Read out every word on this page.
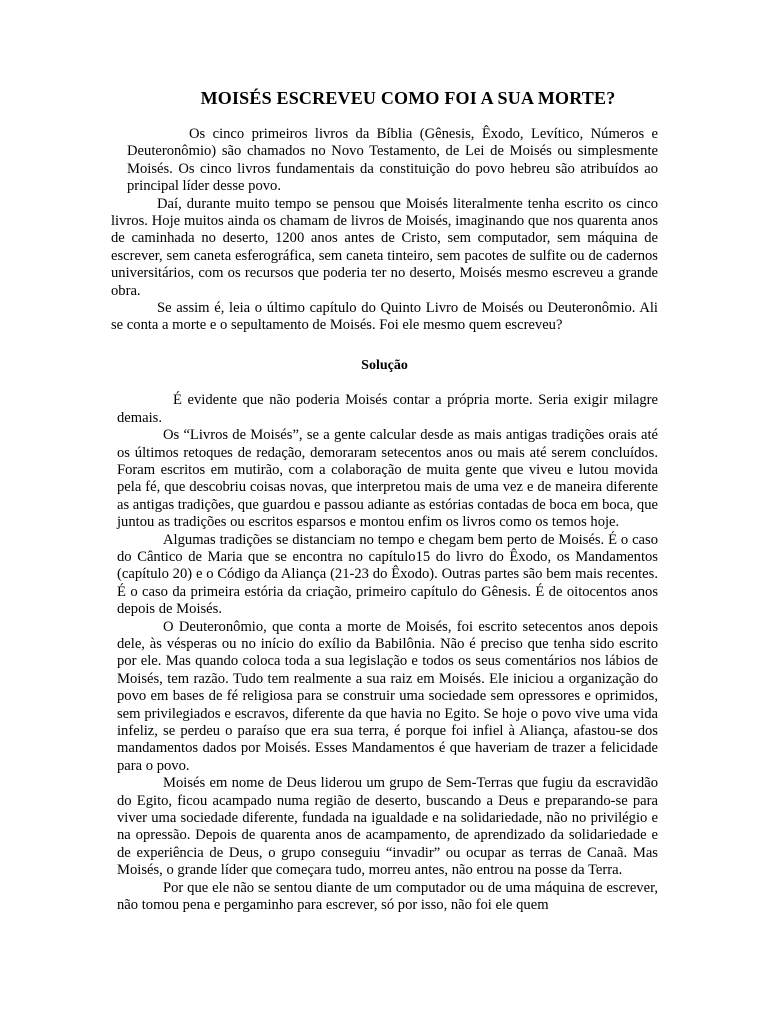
MOISÉS ESCREVEU COMO FOI A SUA MORTE?

Os cinco primeiros livros da Bíblia (Gênesis, Êxodo, Levítico, Números e Deuteronômio) são chamados no Novo Testamento, de Lei de Moisés ou simplesmente Moisés. Os cinco livros fundamentais da constituição do povo hebreu são atribuídos ao principal líder desse povo.

Daí, durante muito tempo se pensou que Moisés literalmente tenha escrito os cinco livros. Hoje muitos ainda os chamam de livros de Moisés, imaginando que nos quarenta anos de caminhada no deserto, 1200 anos antes de Cristo, sem computador, sem máquina de escrever, sem caneta esferográfica, sem caneta tinteiro, sem pacotes de sulfite ou de cadernos universitários, com os recursos que poderia ter no deserto, Moisés mesmo escreveu a grande obra.

Se assim é, leia o último capítulo do Quinto Livro de Moisés ou Deuteronômio. Ali se conta a morte e o sepultamento de Moisés. Foi ele mesmo quem escreveu?

Solução

É evidente que não poderia Moisés contar a própria morte. Seria exigir milagre demais.

Os “Livros de Moisés”, se a gente calcular desde as mais antigas tradições orais até os últimos retoques de redação, demoraram setecentos anos ou mais até serem concluídos. Foram escritos em mutirão, com a colaboração de muita gente que viveu e lutou movida pela fé, que descobriu coisas novas, que interpretou mais de uma vez e de maneira diferente as antigas tradições, que guardou e passou adiante as estórias contadas de boca em boca, que juntou as tradições ou escritos esparsos e montou enfim os livros como os temos hoje.

Algumas tradições se distanciam no tempo e chegam bem perto de Moisés. É o caso do Cântico de Maria que se encontra no capítulo15 do livro do Êxodo, os Mandamentos (capítulo 20) e o Código da Aliança (21-23 do Êxodo). Outras partes são bem mais recentes. É o caso da primeira estória da criação, primeiro capítulo do Gênesis. É de oitocentos anos depois de Moisés.

O Deuteronômio, que conta a morte de Moisés, foi escrito setecentos anos depois dele, às vésperas ou no início do exílio da Babilônia. Não é preciso que tenha sido escrito por ele. Mas quando coloca toda a sua legislação e todos os seus comentários nos lábios de Moisés, tem razão. Tudo tem realmente a sua raiz em Moisés. Ele iniciou a organização do povo em bases de fé religiosa para se construir uma sociedade sem opressores e oprimidos, sem privilegiados e escravos, diferente da que havia no Egito. Se hoje o povo vive uma vida infeliz, se perdeu o paraíso que era sua terra, é porque foi infiel à Aliança, afastou-se dos mandamentos dados por Moisés. Esses Mandamentos é que haveriam de trazer a felicidade para o povo.

Moisés em nome de Deus liderou um grupo de Sem-Terras que fugiu da escravidão do Egito, ficou acampado numa região de deserto, buscando a Deus e preparando-se para viver uma sociedade diferente, fundada na igualdade e na solidariedade, não no privilégio e na opressão. Depois de quarenta anos de acampamento, de aprendizado da solidariedade e de experiência de Deus, o grupo conseguiu “invadir” ou ocupar as terras de Canaã. Mas Moisés, o grande líder que começara tudo, morreu antes, não entrou na posse da Terra.

Por que ele não se sentou diante de um computador ou de uma máquina de escrever, não tomou pena e pergaminho para escrever, só por isso, não foi ele quem
